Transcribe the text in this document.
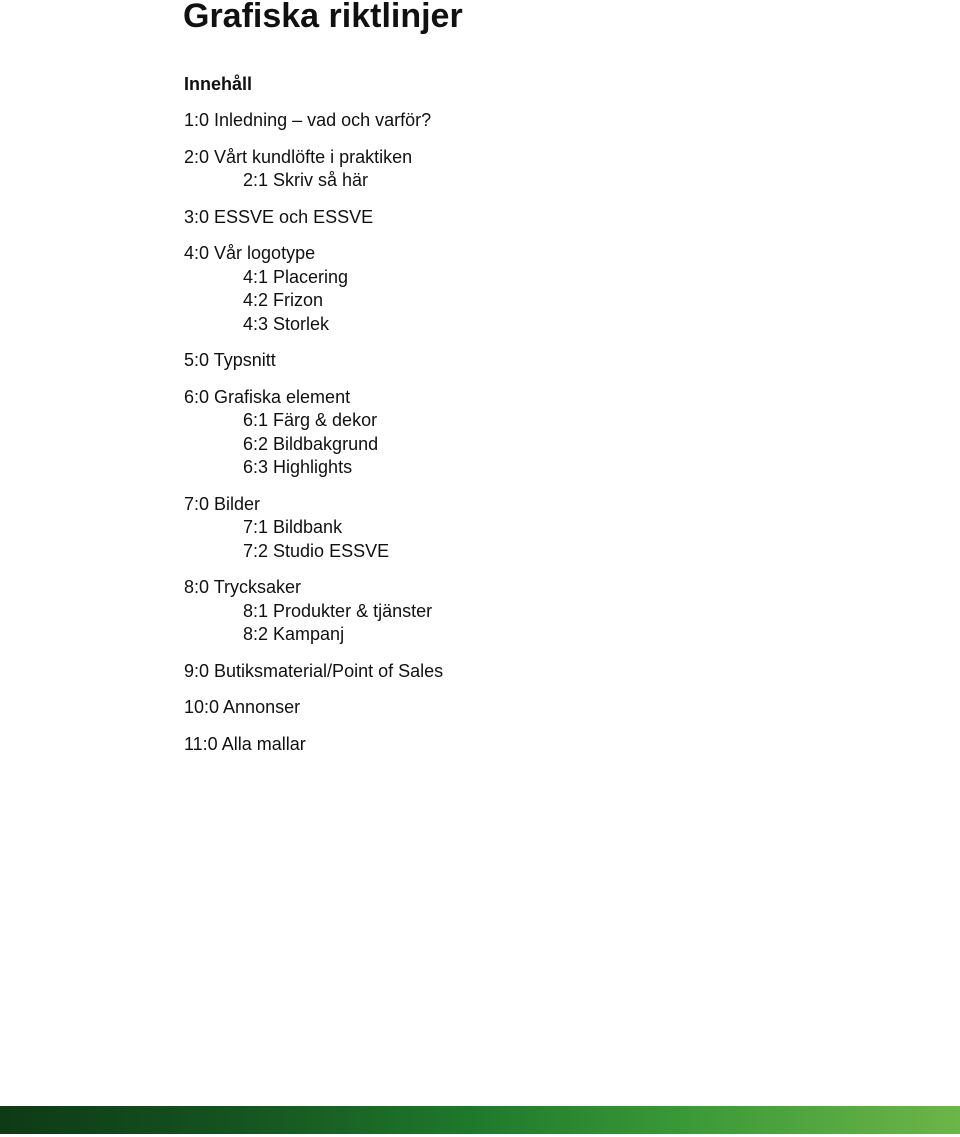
Grafiska riktlinjer
Innehåll
1:0 Inledning – vad och varför?
2:0 Vårt kundlöfte i praktiken
2:1 Skriv så här
3:0 ESSVE och ESSVE
4:0 Vår logotype
4:1 Placering
4:2 Frizon
4:3 Storlek
5:0 Typsnitt
6:0 Grafiska element
6:1 Färg & dekor
6:2 Bildbakgrund
6:3 Highlights
7:0 Bilder
7:1 Bildbank
7:2 Studio ESSVE
8:0 Trycksaker
8:1 Produkter & tjänster
8:2 Kampanj
9:0 Butiksmaterial/Point of Sales
10:0 Annonser
11:0 Alla mallar
